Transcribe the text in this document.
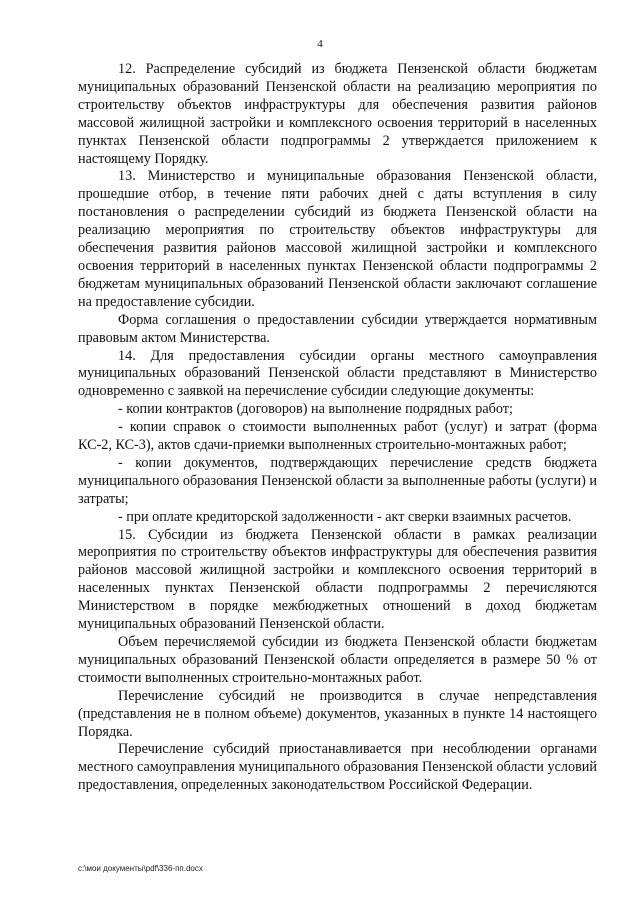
4

12. Распределение субсидий из бюджета Пензенской области бюджетам муниципальных образований Пензенской области на реализацию мероприятия по строительству объектов инфраструктуры для обеспечения развития районов массовой жилищной застройки и комплексного освоения территорий в населенных пунктах Пензенской области подпрограммы 2 утверждается приложением к настоящему Порядку.

13. Министерство и муниципальные образования Пензенской области, прошедшие отбор, в течение пяти рабочих дней с даты вступления в силу постановления о распределении субсидий из бюджета Пензенской области на реализацию мероприятия по строительству объектов инфраструктуры для обеспечения развития районов массовой жилищной застройки и комплексного освоения территорий в населенных пунктах Пензенской области подпрограммы 2 бюджетам муниципальных образований Пензенской области заключают соглашение на предоставление субсидии.

Форма соглашения о предоставлении субсидии утверждается нормативным правовым актом Министерства.

14. Для предоставления субсидии органы местного самоуправления муниципальных образований Пензенской области представляют в Министерство одновременно с заявкой на перечисление субсидии следующие документы:

- копии контрактов (договоров) на выполнение подрядных работ;

- копии справок о стоимости выполненных работ (услуг) и затрат (форма КС-2, КС-3), актов сдачи-приемки выполненных строительно-монтажных работ;

- копии документов, подтверждающих перечисление средств бюджета муниципального образования Пензенской области за выполненные работы (услуги) и затраты;

- при оплате кредиторской задолженности - акт сверки взаимных расчетов.

15. Субсидии из бюджета Пензенской области в рамках реализации мероприятия по строительству объектов инфраструктуры для обеспечения развития районов массовой жилищной застройки и комплексного освоения территорий в населенных пунктах Пензенской области подпрограммы 2 перечисляются Министерством в порядке межбюджетных отношений в доход бюджетам муниципальных образований Пензенской области.

Объем перечисляемой субсидии из бюджета Пензенской области бюджетам муниципальных образований Пензенской области определяется в размере 50 % от стоимости выполненных строительно-монтажных работ.

Перечисление субсидий не производится в случае непредставления (представления не в полном объеме) документов, указанных в пункте 14 настоящего Порядка.

Перечисление субсидий приостанавливается при несоблюдении органами местного самоуправления муниципального образования Пензенской области условий предоставления, определенных законодательством Российской Федерации.

c:\мои документы\pdf\336-пп.docx
